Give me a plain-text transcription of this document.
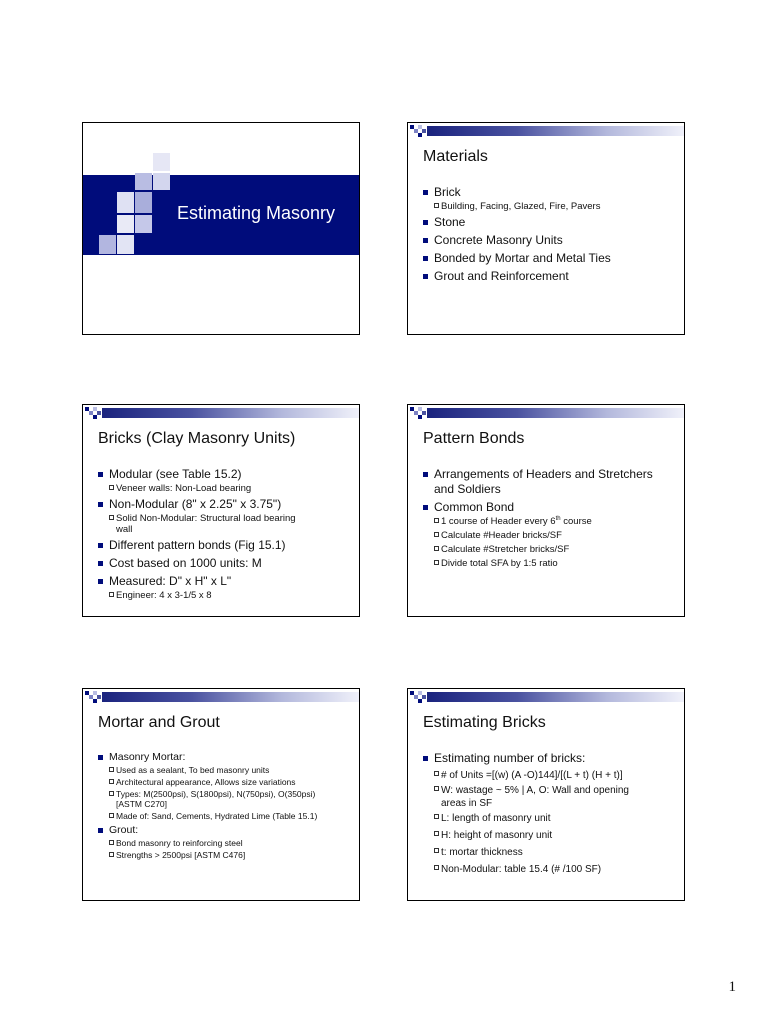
Estimating Masonry
Materials
Brick
Building, Facing, Glazed, Fire, Pavers
Stone
Concrete Masonry Units
Bonded by Mortar and Metal Ties
Grout and Reinforcement
Bricks (Clay Masonry Units)
Modular (see Table 15.2)
Veneer walls: Non-Load bearing
Non-Modular (8" x 2.25" x 3.75")
Solid Non-Modular: Structural load bearing wall
Different pattern bonds (Fig 15.1)
Cost based on 1000 units: M
Measured: D" x H" x L"
Engineer: 4 x 3-1/5 x 8
Pattern Bonds
Arrangements of Headers and Stretchers and Soldiers
Common Bond
1 course of Header every 6th course
Calculate #Header bricks/SF
Calculate #Stretcher bricks/SF
Divide total SFA by 1:5 ratio
Mortar and Grout
Masonry Mortar:
Used as a sealant, To bed masonry units
Architectural appearance, Allows size variations
Types: M(2500psi), S(1800psi), N(750psi), O(350psi) [ASTM C270]
Made of: Sand, Cements, Hydrated Lime (Table 15.1)
Grout:
Bond masonry to reinforcing steel
Strengths > 2500psi [ASTM C476]
Estimating Bricks
Estimating number of bricks:
# of Units =[(w) (A -O)144]/[(L + t) (H + t)]
W: wastage ~ 5% | A, O: Wall and opening areas in SF
L: length of masonry unit
H: height of masonry unit
t: mortar thickness
Non-Modular: table 15.4 (# /100 SF)
1
